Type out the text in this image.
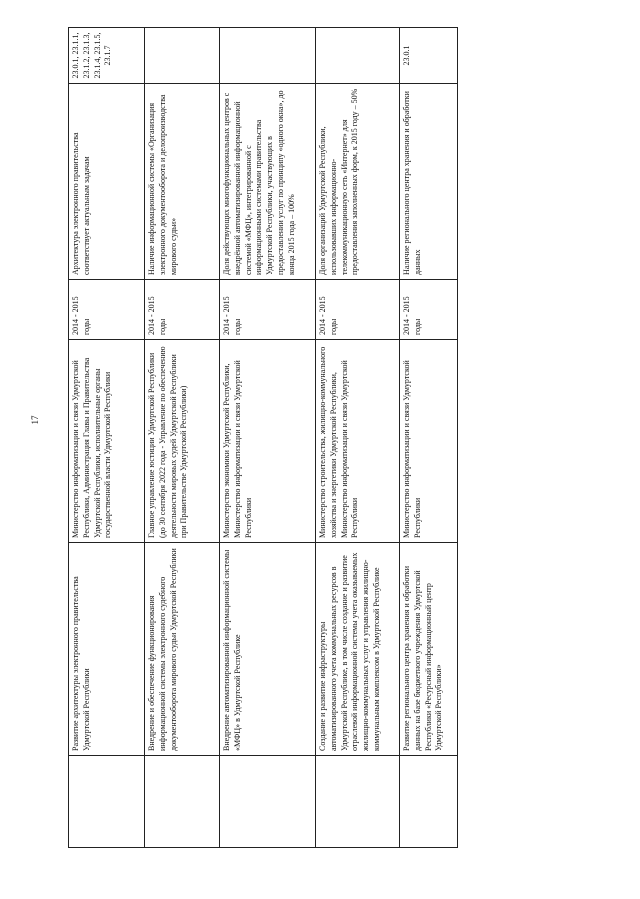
17
	Развитие архитектуры электронного правительства Удмуртской Республики	Министерство информатизации и связи Удмуртской Республики, Администрация Главы и Правительства Удмуртской Республики, исполнительные органы государственной власти Удмуртской Республики	2014 - 2015 годы	Архитектура электронного правительства соответствует актуальным задачам	23.0.1, 23.1.1, 23.1.2, 23.1.3, 23.1.4, 23.1.5, 23.1.7
	Внедрение и обеспечение функционирования информационной системы электронного судебного документооборота мирового судьи Удмуртской Республики	Главное управление юстиции Удмуртской Республики (до 30 сентября 2022 года - Управление по обеспечению деятельности мировых судей Удмуртской Республики при Правительстве Удмуртской Республики)	2014 - 2015 годы	Наличие информационной системы «Организация электронного документооборота и делопроизводства мирового судьи»	
	Внедрение автоматизированной информационной системы «МФЦ» в Удмуртской Республике	Министерство экономики Удмуртской Республики, Министерство информатизации и связи Удмуртской Республики	2014 - 2015 годы	Доля действующих многофункциональных центров с внедрённой автоматизированной информационной системой «МФЦ», интегрированной с информационными системами правительства Удмуртской Республики, участвующих в предоставлении услуг по принципу «одного окна», до конца 2015 года – 100%	
	Создание и развитие инфраструктуры автоматизированного учета коммунальных ресурсов в Удмуртской Республике, в том числе создание и развитие отраслевой информационной системы учета оказываемых жилищно-коммунальных услуг и управления жилищно-коммунальным комплексом в Удмуртской Республике	Министерство строительства, жилищно-коммунального хозяйства и энергетики Удмуртской Республики, Министерство информатизации и связи Удмуртской Республики	2014 - 2015 годы	Доля организаций Удмуртской Республики, использовавших информационно-телекоммуникационную сеть «Интернет» для предоставления заполненных форм, к 2015 году – 50%	
	Развитие регионального центра хранения и обработки данных на базе бюджетного учреждения Удмуртской Республики «Ресурсный информационный центр Удмуртской Республики»	Министерство информатизации и связи Удмуртской Республики	2014 - 2015 годы	Наличие регионального центра хранения и обработки данных	23.0.1
